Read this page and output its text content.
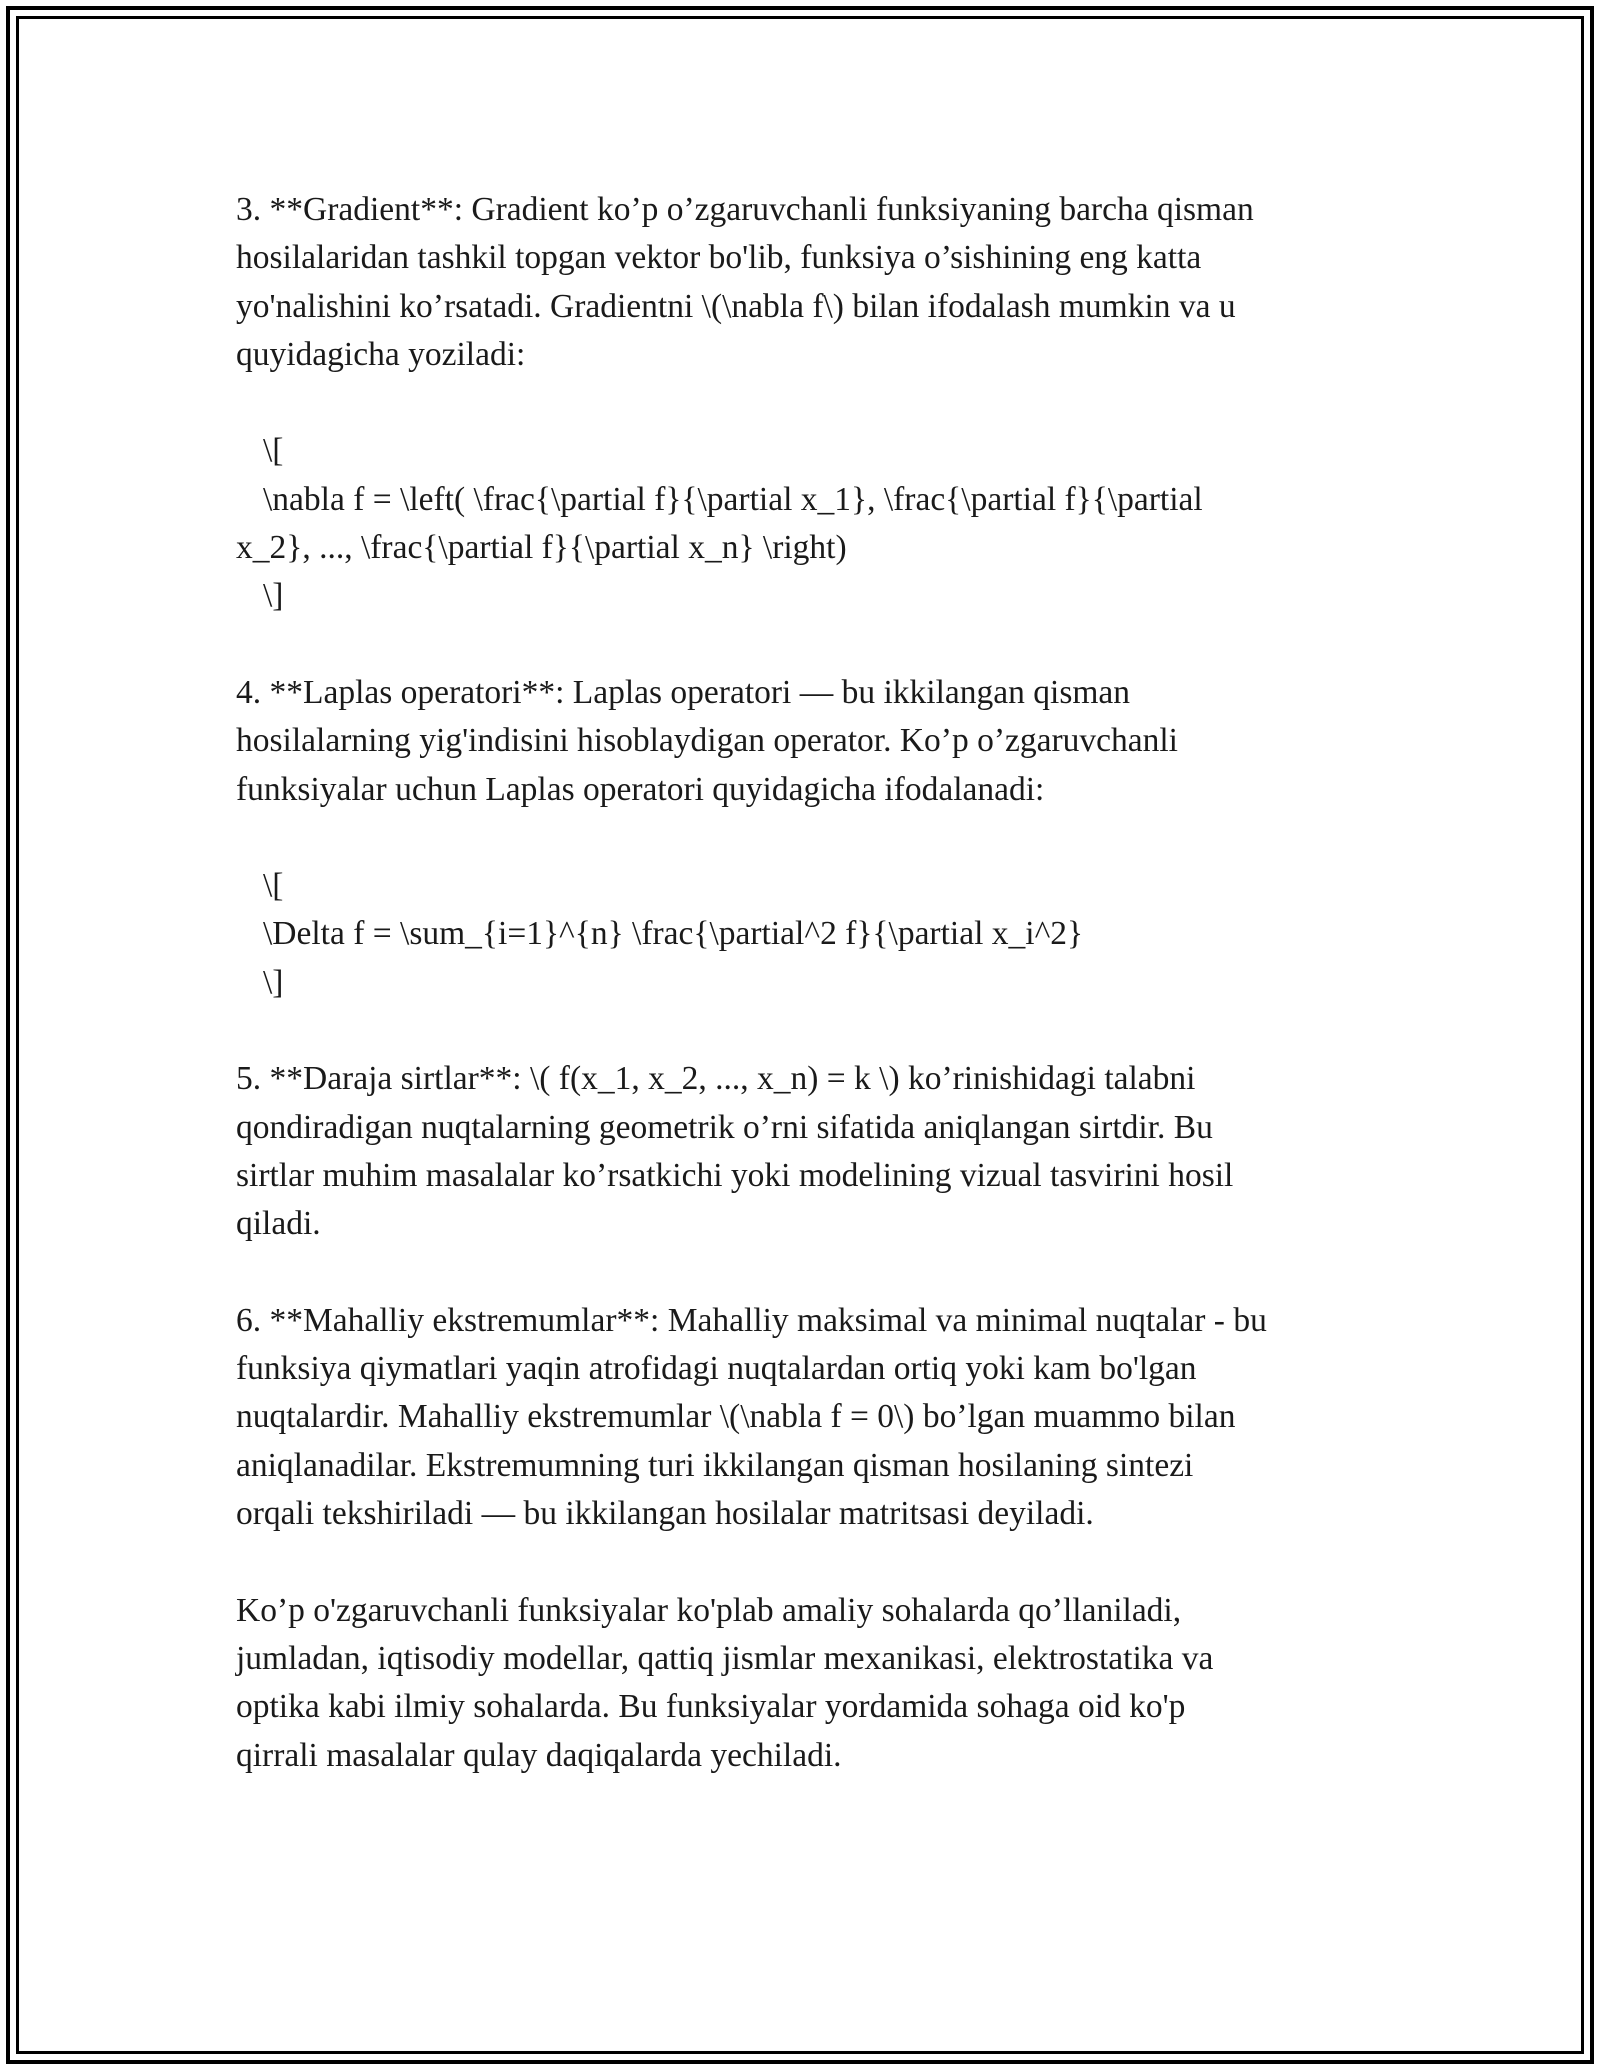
3. **Gradient**: Gradient ko’p o’zgaruvchanli funksiyaning barcha qisman
hosilalaridan tashkil topgan vektor bo'lib, funksiya o’sishining eng katta
yo'nalishini ko’rsatadi. Gradientni \(\nabla f\) bilan ifodalash mumkin va u
quyidagicha yoziladi:
\[
\nabla f = \left( \frac{\partial f}{\partial x_1}, \frac{\partial f}{\partial
x_2}, ..., \frac{\partial f}{\partial x_n} \right)
\]
4. **Laplas operatori**: Laplas operatori — bu ikkilangan qisman
hosilalarning yig'indisini hisoblaydigan operator. Ko’p o’zgaruvchanli
funksiyalar uchun Laplas operatori quyidagicha ifodalanadi:
\[
\Delta f = \sum_{i=1}^{n} \frac{\partial^2 f}{\partial x_i^2}
\]
5. **Daraja sirtlar**: \( f(x_1, x_2, ..., x_n) = k \) ko’rinishidagi talabni
qondiradigan nuqtalarning geometrik o’rni sifatida aniqlangan sirtdir. Bu
sirtlar muhim masalalar ko’rsatkichi yoki modelining vizual tasvirini hosil
qiladi.
6. **Mahalliy ekstremumlar**: Mahalliy maksimal va minimal nuqtalar - bu
funksiya qiymatlari yaqin atrofidagi nuqtalardan ortiq yoki kam bo'lgan
nuqtalardir. Mahalliy ekstremumlar \(\nabla f = 0\) bo’lgan muammo bilan
aniqlanadilar. Ekstremumning turi ikkilangan qisman hosilaning sintezi
orqali tekshiriladi — bu ikkilangan hosilalar matritsasi deyiladi.
Ko’p o'zgaruvchanli funksiyalar ko'plab amaliy sohalarda qo’llaniladi,
jumladan, iqtisodiy modellar, qattiq jismlar mexanikasi, elektrostatika va
optika kabi ilmiy sohalarda. Bu funksiyalar yordamida sohaga oid ko'p
qirrali masalalar qulay daqiqalarda yechiladi.
